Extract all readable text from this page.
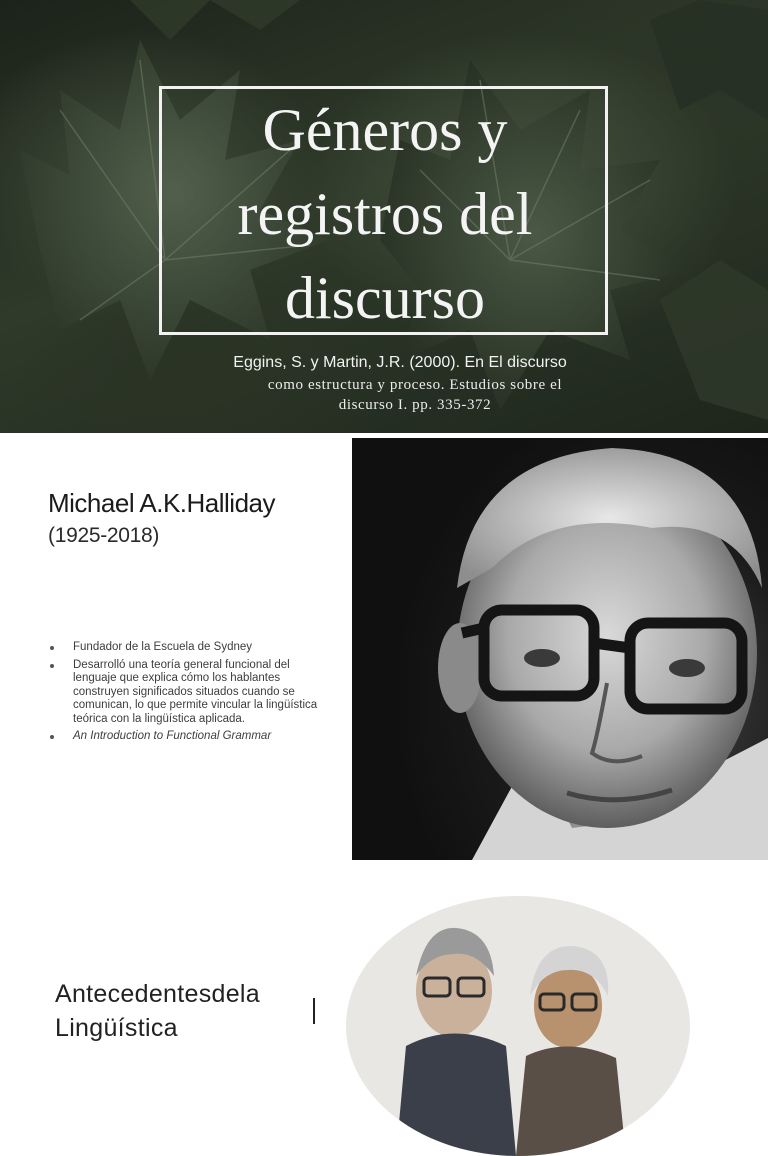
Géneros y
registros del
discurso
Eggins, S. y Martin, J.R. (2000). En El discurso
como estructura y proceso. Estudios sobre el
discurso I. pp. 335-372
Michael A.K.Halliday
(1925-2018)
Fundador de la Escuela de Sydney
Desarrolló una teoría general funcional del lenguaje que explica cómo los hablantes construyen significados situados cuando se comunican, lo que permite vincular la lingüística teórica con la lingüística aplicada.
An Introduction to Functional Grammar
Antecedentesdela
Lingüística
